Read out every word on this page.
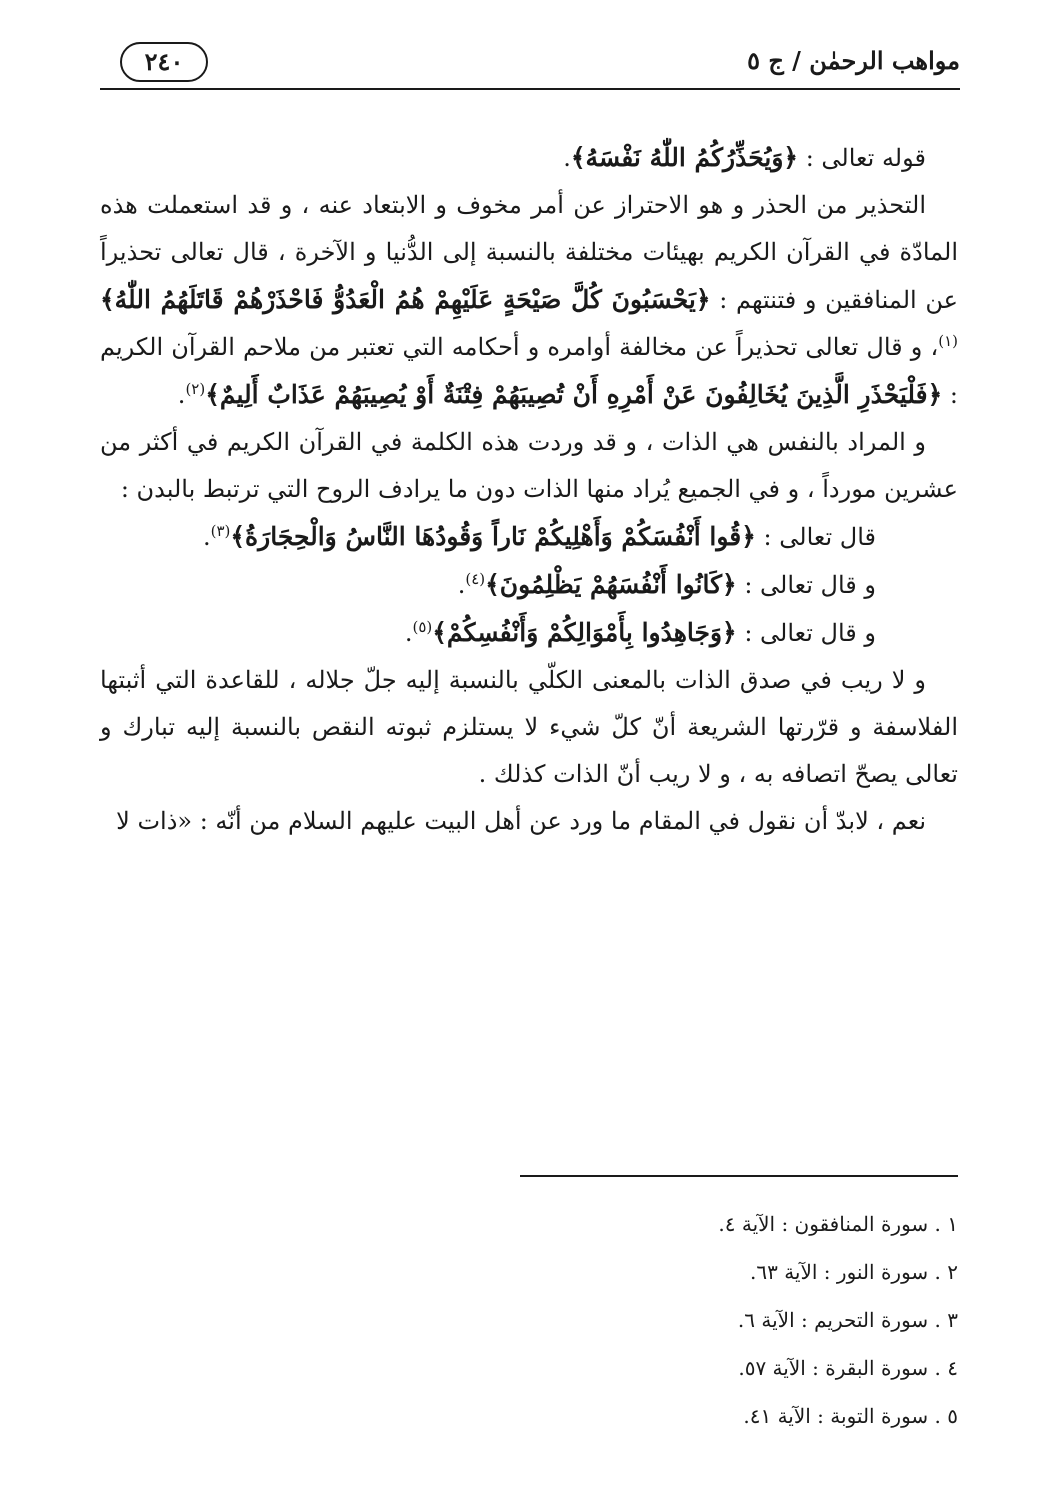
مواهب الرحمٰن / ج ٥
٢٤٠

قوله تعالى : ﴿وَيُحَذِّرُكُمُ اللّٰهُ نَفْسَهُ﴾.

التحذير من الحذر و هو الاحتراز عن أمر مخوف و الابتعاد عنه ، و قد استعملت هذه المادّة في القرآن الكريم بهيئات مختلفة بالنسبة إلى الدُّنيا و الآخرة ، قال تعالى تحذيراً عن المنافقين و فتنتهم : ﴿يَحْسَبُونَ كُلَّ صَيْحَةٍ عَلَيْهِمْ هُمُ الْعَدُوُّ فَاحْذَرْهُمْ قَاتَلَهُمُ اللّٰهُ﴾$^{(١)}$، و قال تعالى تحذيراً عن مخالفة أوامره و أحكامه التي تعتبر من ملاحم القرآن الكريم : ﴿فَلْيَحْذَرِ الَّذِينَ يُخَالِفُونَ عَنْ أَمْرِهِ أَنْ تُصِيبَهُمْ فِتْنَةٌ أَوْ يُصِيبَهُمْ عَذَابٌ أَلِيمٌ﴾$^{(٢)}$.

و المراد بالنفس هي الذات ، و قد وردت هذه الكلمة في القرآن الكريم في أكثر من عشرين مورداً ، و في الجميع يُراد منها الذات دون ما يرادف الروح التي ترتبط بالبدن :

قال تعالى : ﴿قُوا أَنْفُسَكُمْ وَأَهْلِيكُمْ نَاراً وَقُودُهَا النَّاسُ وَالْحِجَارَةُ﴾$^{(٣)}$.

و قال تعالى : ﴿كَانُوا أَنْفُسَهُمْ يَظْلِمُونَ﴾$^{(٤)}$.

و قال تعالى : ﴿وَجَاهِدُوا بِأَمْوَالِكُمْ وَأَنْفُسِكُمْ﴾$^{(٥)}$.

و لا ريب في صدق الذات بالمعنى الكلّي بالنسبة إليه جلّ جلاله ، للقاعدة التي أثبتها الفلاسفة و قرّرتها الشريعة أنّ كلّ شيء لا يستلزم ثبوته النقص بالنسبة إليه تبارك و تعالى يصحّ اتصافه به ، و لا ريب أنّ الذات كذلك .

نعم ، لابدّ أن نقول في المقام ما ورد عن أهل البيت عليهم السلام من أنّه : «ذات لا

١ . سورة المنافقون : الآية ٤.
٢ . سورة النور : الآية ٦٣.
٣ . سورة التحريم : الآية ٦.
٤ . سورة البقرة : الآية ٥٧.
٥ . سورة التوبة : الآية ٤١.
